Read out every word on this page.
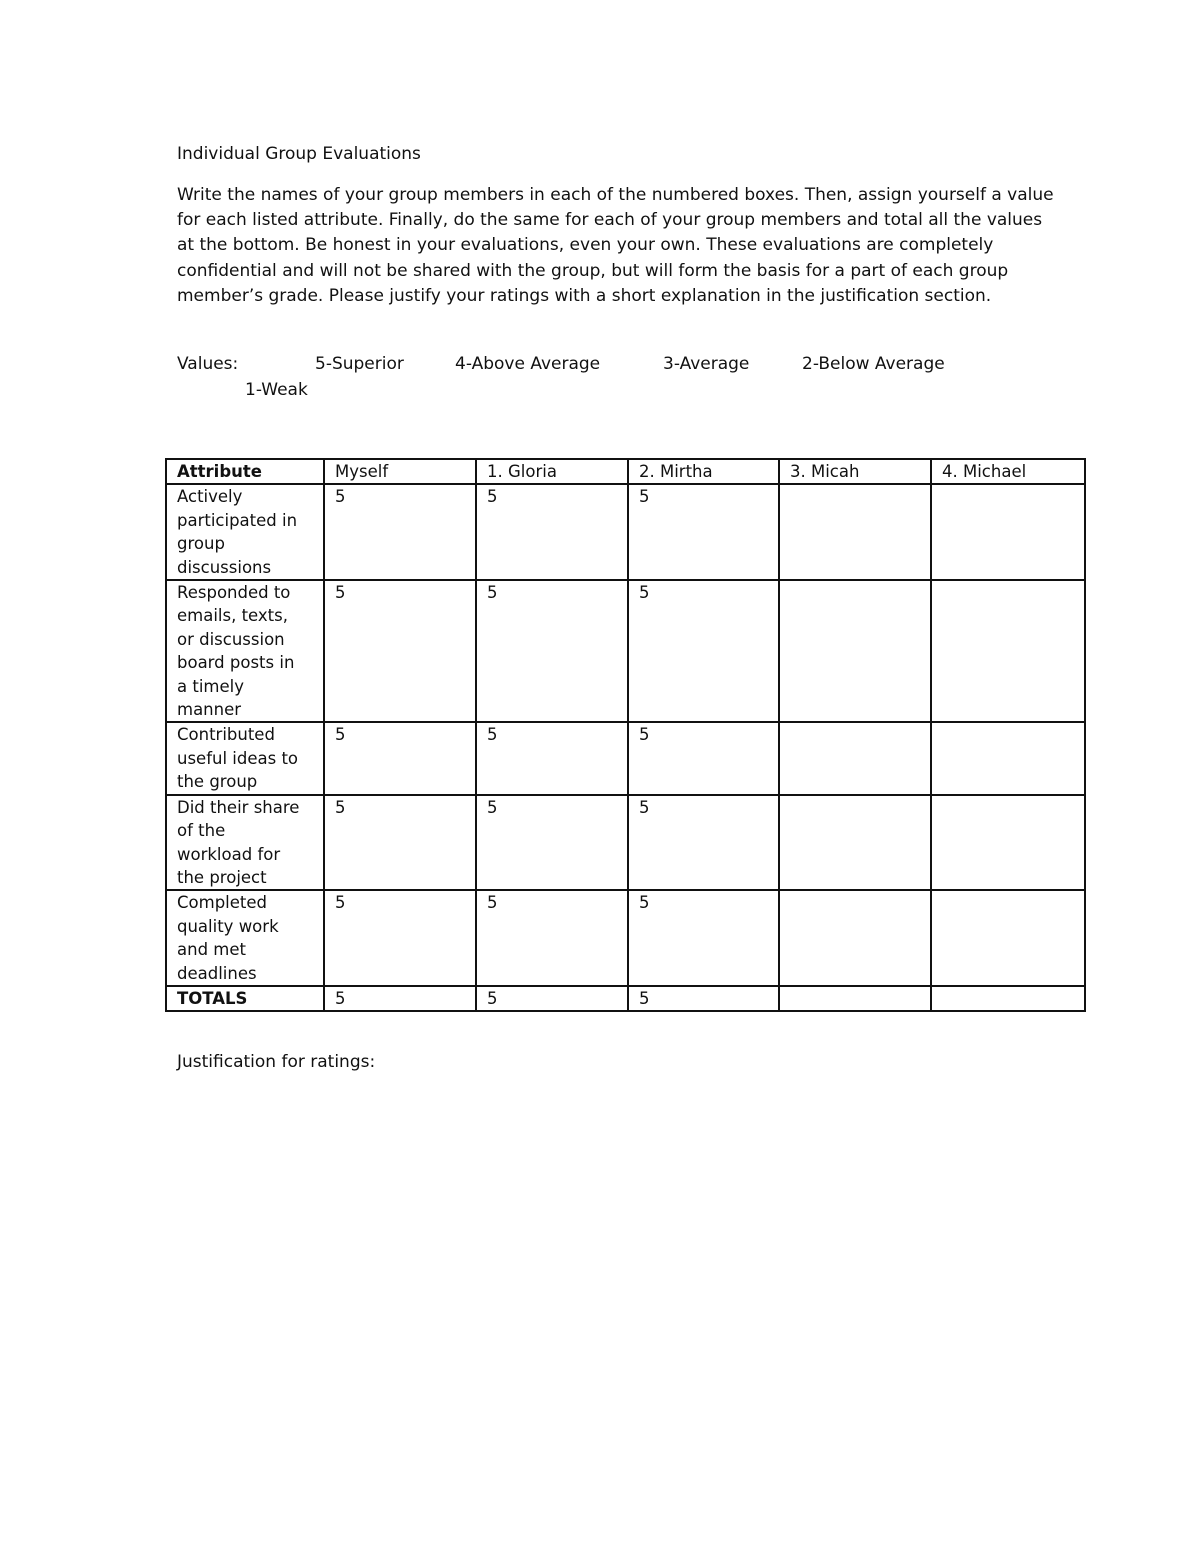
Individual Group Evaluations

Write the names of your group members in each of the numbered boxes. Then, assign yourself a value for each listed attribute. Finally, do the same for each of your group members and total all the values at the bottom. Be honest in your evaluations, even your own. These evaluations are completely confidential and will not be shared with the group, but will form the basis for a part of each group member’s grade. Please justify your ratings with a short explanation in the justification section.

Values:	5-Superior	4-Above Average	3-Average	2-Below Average
1-Weak
Attribute	Myself	1. Gloria	2. Mirtha	3. Micah	4. Michael

Actively participated in group discussions	5	5	5		

Responded to emails, texts, or discussion board posts in a timely manner	5	5	5		

Contributed useful ideas to the group	5	5	5		

Did their share of the workload for the project	5	5	5		

Completed quality work and met deadlines	5	5	5		
TOTALS	5	5	5		
Justification for ratings:
